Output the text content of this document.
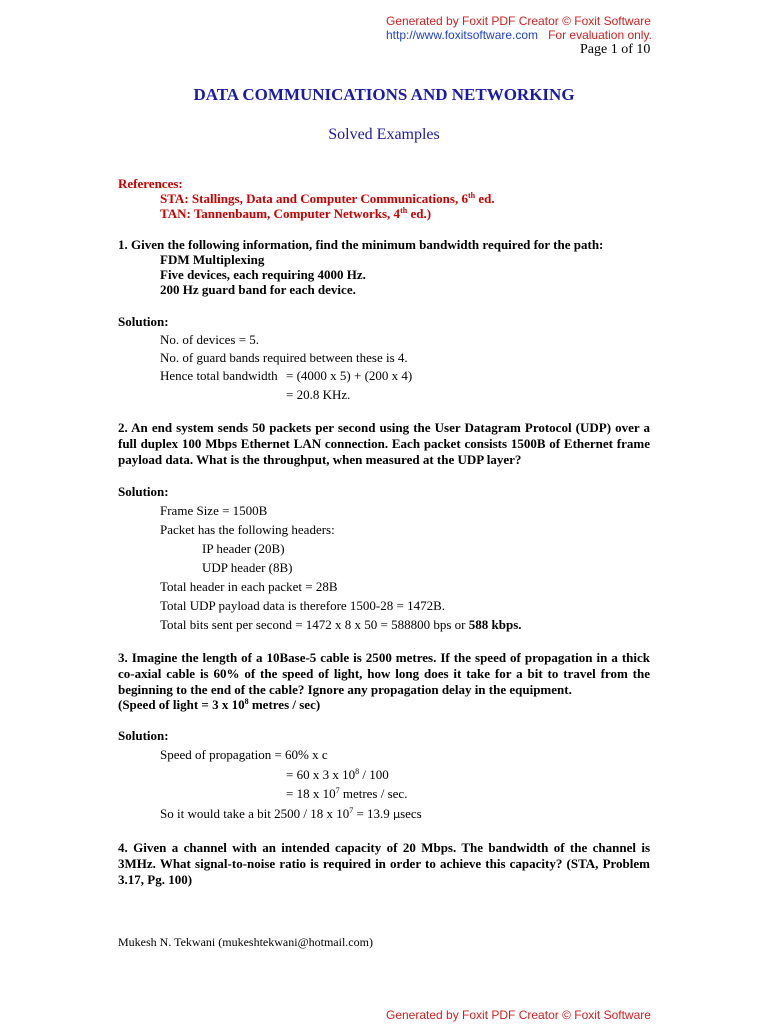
Generated by Foxit PDF Creator © Foxit Software
http://www.foxitsoftware.com For evaluation only.
Page 1 of 10
DATA COMMUNICATIONS AND NETWORKING
Solved Examples
References:
STA: Stallings, Data and Computer Communications, 6th ed.
TAN: Tannenbaum, Computer Networks, 4th ed.)
1. Given the following information, find the minimum bandwidth required for the path:
FDM Multiplexing
Five devices, each requiring 4000 Hz.
200 Hz guard band for each device.
Solution:
No. of devices = 5.
No. of guard bands required between these is 4.
Hence total bandwidth = (4000 x 5) + (200 x 4)
= 20.8 KHz.
2. An end system sends 50 packets per second using the User Datagram Protocol (UDP) over a full duplex 100 Mbps Ethernet LAN connection. Each packet consists 1500B of Ethernet frame payload data. What is the throughput, when measured at the UDP layer?
Solution:
Frame Size = 1500B
Packet has the following headers:
IP header (20B)
UDP header (8B)
Total header in each packet = 28B
Total UDP payload data is therefore 1500-28 = 1472B.
Total bits sent per second = 1472 x 8 x 50 = 588800 bps or 588 kbps.
3. Imagine the length of a 10Base-5 cable is 2500 metres. If the speed of propagation in a thick co-axial cable is 60% of the speed of light, how long does it take for a bit to travel from the beginning to the end of the cable? Ignore any propagation delay in the equipment.
(Speed of light = 3 x $10^8$ metres / sec)
Solution:
Speed of propagation = 60% x c
= 60 x 3 x $10^8 / 100$
= 18 x $10^7$ metres / sec.
So it would take a bit 2500 / 18 x $10^7 = 13.9$ µsecs
4. Given a channel with an intended capacity of 20 Mbps. The bandwidth of the channel is 3MHz. What signal-to-noise ratio is required in order to achieve this capacity? (STA, Problem 3.17, Pg. 100)
Mukesh N. Tekwani (mukeshtekwani@hotmail.com)
Generated by Foxit PDF Creator © Foxit Software
